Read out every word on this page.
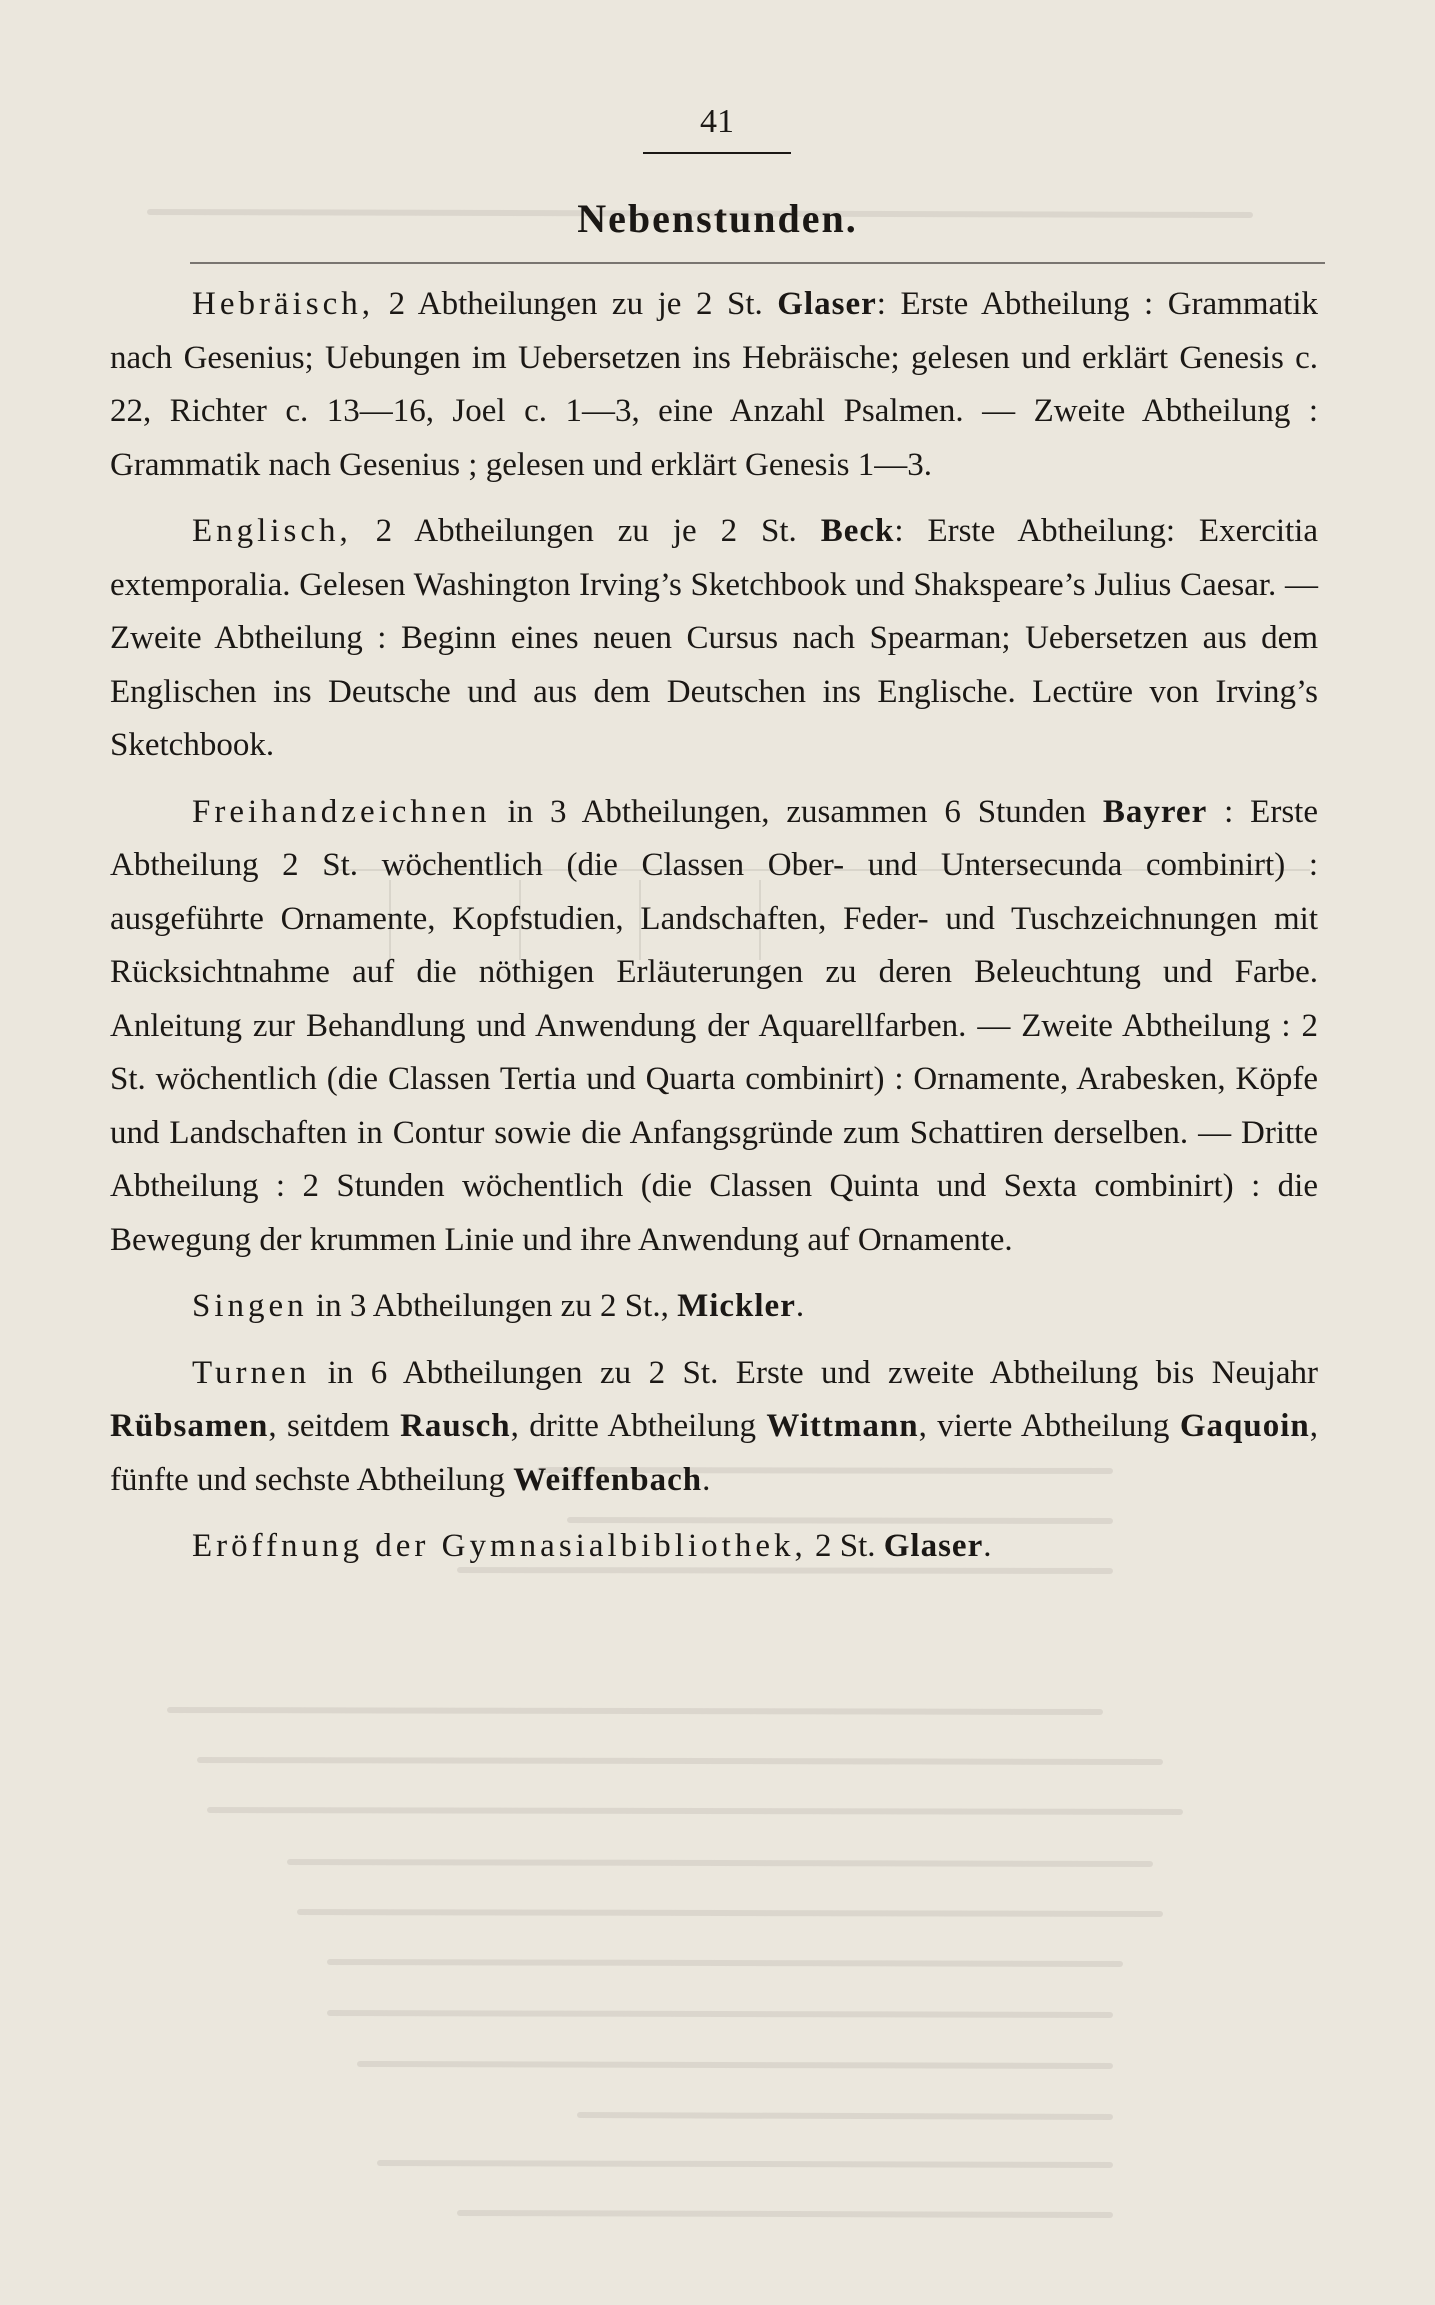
41
Nebenstunden.

Hebräisch, 2 Abtheilungen zu je 2 St. Glaser: Erste Abtheilung : Grammatik nach Gesenius; Uebungen im Uebersetzen ins Hebräische; gelesen und erklärt Genesis c. 22, Richter c. 13—16, Joel c. 1—3, eine Anzahl Psalmen. — Zweite Abtheilung : Grammatik nach Gesenius ; gelesen und erklärt Genesis 1—3.

Englisch, 2 Abtheilungen zu je 2 St. Beck: Erste Abtheilung: Exercitia extemporalia. Gelesen Washington Irving’s Sketchbook und Shakspeare’s Julius Caesar. — Zweite Abtheilung : Beginn eines neuen Cursus nach Spearman; Uebersetzen aus dem Englischen ins Deutsche und aus dem Deutschen ins Englische. Lectüre von Irving’s Sketchbook.

Freihandzeichnen in 3 Abtheilungen, zusammen 6 Stunden Bayrer : Erste Abtheilung 2 St. wöchentlich (die Classen Ober- und Untersecunda combinirt) : ausgeführte Ornamente, Kopfstudien, Landschaften, Feder- und Tuschzeichnungen mit Rücksichtnahme auf die nöthigen Erläuterungen zu deren Beleuchtung und Farbe. Anleitung zur Behandlung und Anwendung der Aquarellfarben. — Zweite Abtheilung : 2 St. wöchentlich (die Classen Tertia und Quarta combinirt) : Ornamente, Arabesken, Köpfe und Landschaften in Contur sowie die Anfangsgründe zum Schattiren derselben. — Dritte Abtheilung : 2 Stunden wöchentlich (die Classen Quinta und Sexta combinirt) : die Bewegung der krummen Linie und ihre Anwendung auf Ornamente.

Singen in 3 Abtheilungen zu 2 St., Mickler.

Turnen in 6 Abtheilungen zu 2 St. Erste und zweite Abtheilung bis Neujahr Rübsamen, seitdem Rausch, dritte Abtheilung Wittmann, vierte Abtheilung Gaquoin, fünfte und sechste Abtheilung Weiffenbach.

Eröffnung der Gymnasialbibliothek, 2 St. Glaser.
